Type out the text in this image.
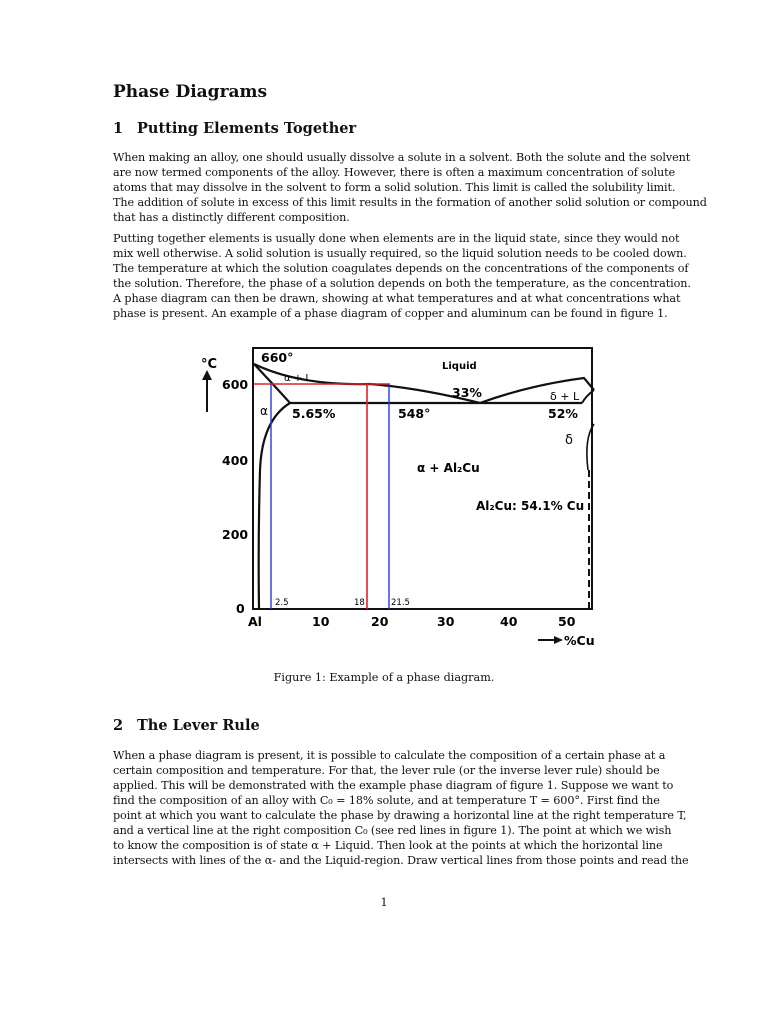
Phase Diagrams
1 Putting Elements Together
When making an alloy, one should usually dissolve a solute in a solvent. Both the solute and the solvent
are now termed components of the alloy. However, there is often a maximum concentration of solute
atoms that may dissolve in the solvent to form a solid solution. This limit is called the solubility limit.
The addition of solute in excess of this limit results in the formation of another solid solution or compound
that has a distinctly different composition.
Putting together elements is usually done when elements are in the liquid state, since they would not
mix well otherwise. A solid solution is usually required, so the liquid solution needs to be cooled down.
The temperature at which the solution coagulates depends on the concentrations of the components of
the solution. Therefore, the phase of a solution depends on both the temperature, as the concentration.
A phase diagram can then be drawn, showing at what temperatures and at what concentrations what
phase is present. An example of a phase diagram of copper and aluminum can be found in figure 1.
°C
600
400
200
0
Al	10	20	30	40	50
%Cu
660°
Liquid
α + L
α 5.65%	548°
33%	δ + L
52%
δ
α + Al₂Cu
Al₂Cu: 54.1% Cu
2.5	18	21.5

Figure 1: Example of a phase diagram.

2 The Lever Rule
When a phase diagram is present, it is possible to calculate the composition of a certain phase at a
certain composition and temperature. For that, the lever rule (or the inverse lever rule) should be
applied. This will be demonstrated with the example phase diagram of figure 1. Suppose we want to
find the composition of an alloy with C₀ = 18% solute, and at temperature T = 600°. First find the
point at which you want to calculate the phase by drawing a horizontal line at the right temperature T,
and a vertical line at the right composition C₀ (see red lines in figure 1). The point at which we wish
to know the composition is of state α + Liquid. Then look at the points at which the horizontal line
intersects with lines of the α- and the Liquid-region. Draw vertical lines from those points and read the

1
